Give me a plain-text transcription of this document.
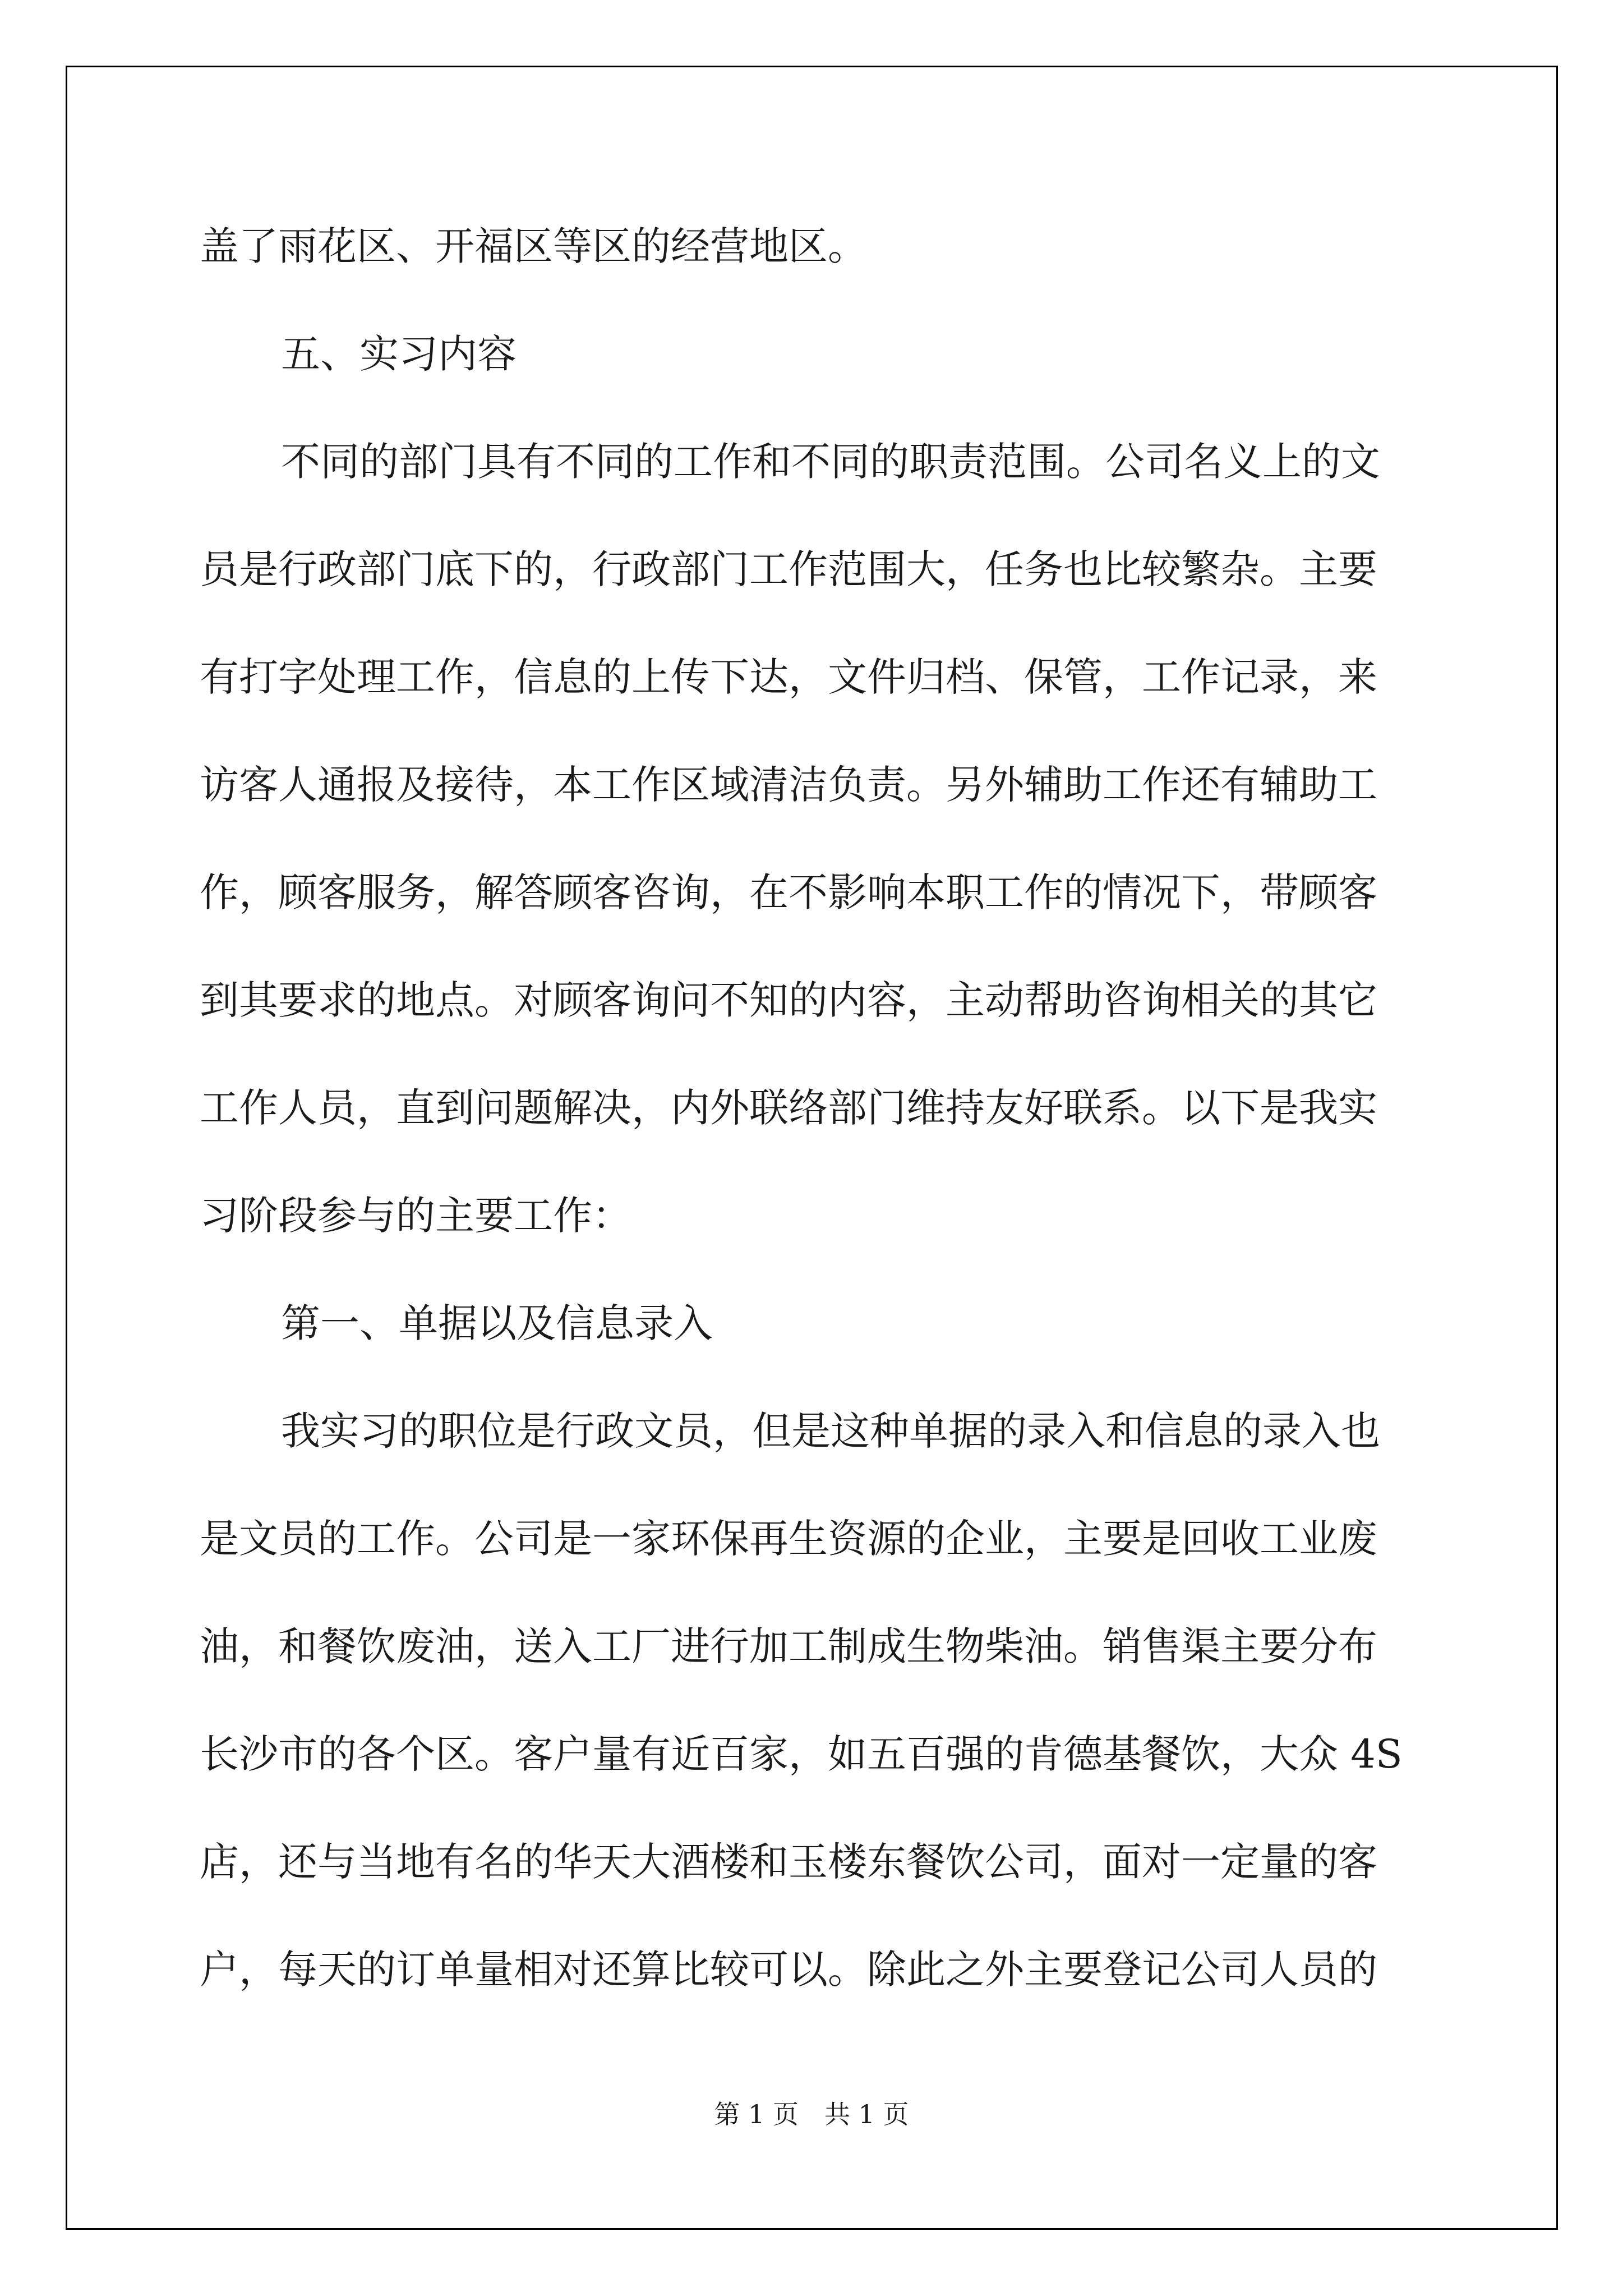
盖了雨花区、开福区等区的经营地区。
五、实习内容
不同的部门具有不同的工作和不同的职责范围。公司名义上的文
员是行政部门底下的，行政部门工作范围大，任务也比较繁杂。主要
有打字处理工作，信息的上传下达，文件归档、保管，工作记录，来
访客人通报及接待，本工作区域清洁负责。另外辅助工作还有辅助工
作，顾客服务，解答顾客咨询，在不影响本职工作的情况下，带顾客
到其要求的地点。对顾客询问不知的内容，主动帮助咨询相关的其它
工作人员，直到问题解决，内外联络部门维持友好联系。以下是我实
习阶段参与的主要工作：
第一、单据以及信息录入
我实习的职位是行政文员，但是这种单据的录入和信息的录入也
是文员的工作。公司是一家环保再生资源的企业，主要是回收工业废
油，和餐饮废油，送入工厂进行加工制成生物柴油。销售渠主要分布
长沙市的各个区。客户量有近百家，如五百强的肯德基餐饮，大众 4S
店，还与当地有名的华天大酒楼和玉楼东餐饮公司，面对一定量的客
户，每天的订单量相对还算比较可以。除此之外主要登记公司人员的
第 1 页　共 1 页
